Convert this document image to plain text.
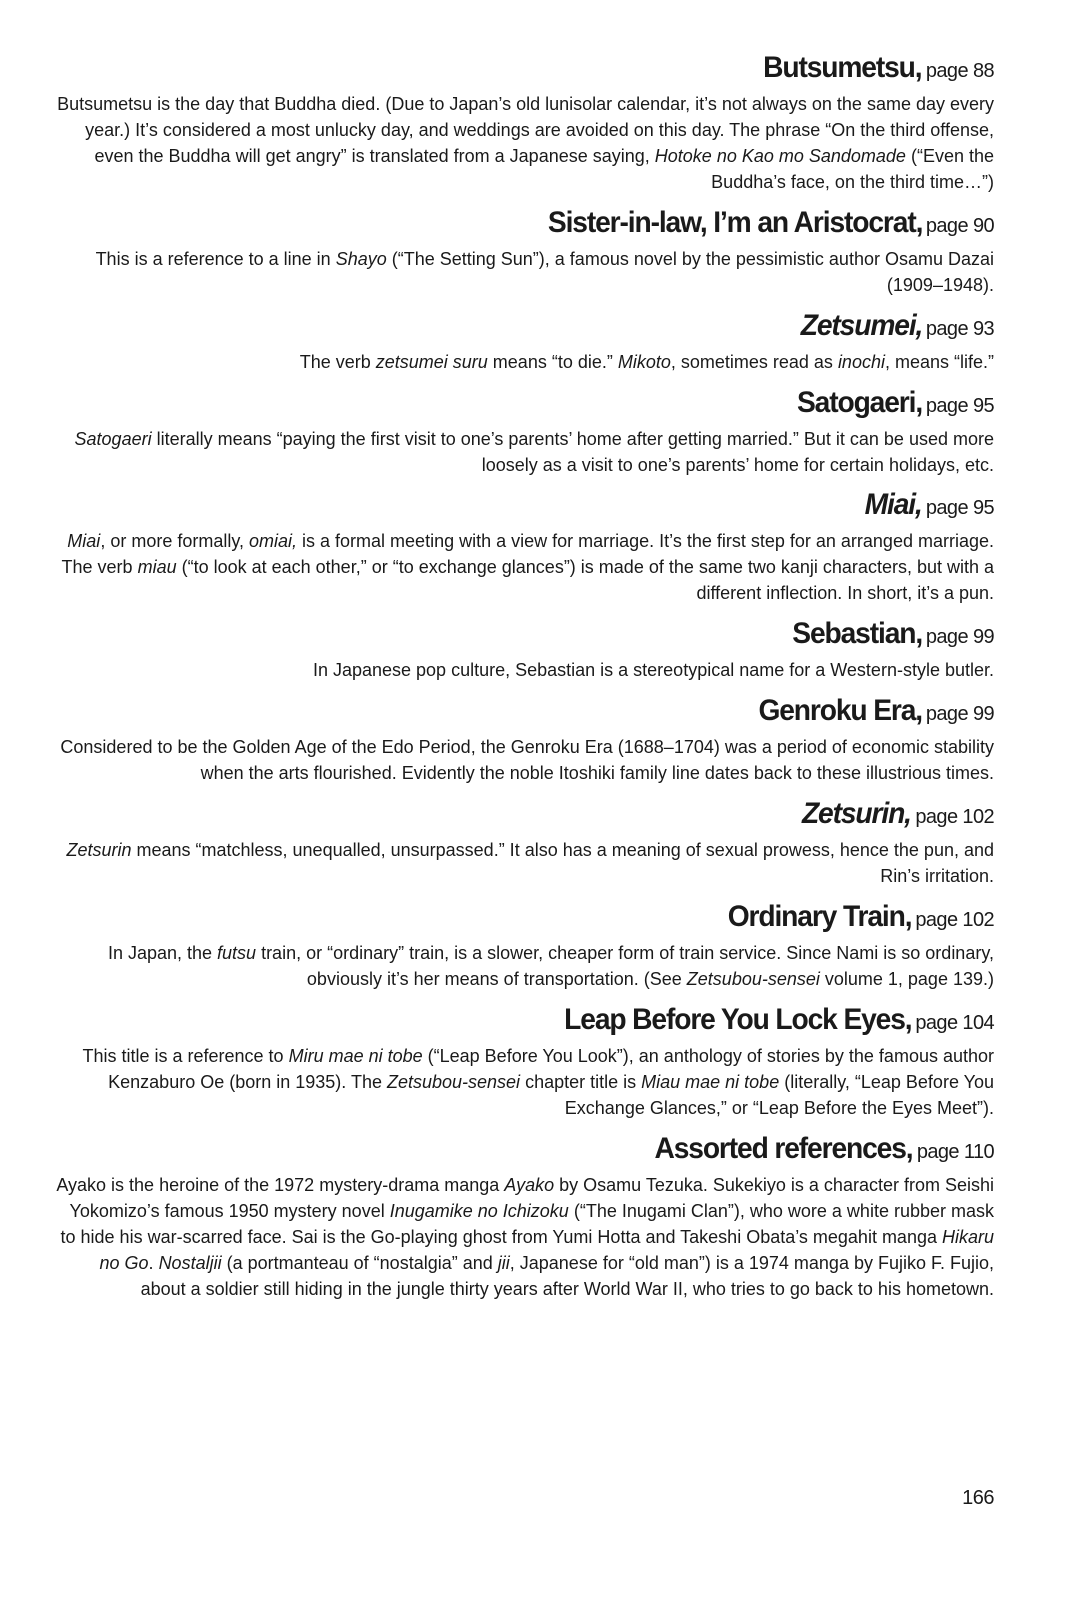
Butsumetsu, page 88

Butsumetsu is the day that Buddha died. (Due to Japan’s old lunisolar calendar, it’s not always on the same day every year.) It’s considered a most unlucky day, and weddings are avoided on this day. The phrase “On the third offense, even the Buddha will get angry” is translated from a Japanese saying, Hotoke no Kao mo Sandomade (“Even the Buddha’s face, on the third time…”)

Sister-in-law, I’m an Aristocrat, page 90

This is a reference to a line in Shayo (“The Setting Sun”), a famous novel by the pessimistic author Osamu Dazai (1909–1948).

Zetsumei, page 93

The verb zetsumei suru means “to die.” Mikoto, sometimes read as inochi, means “life.”

Satogaeri, page 95

Satogaeri literally means “paying the first visit to one’s parents’ home after getting married.” But it can be used more loosely as a visit to one’s parents’ home for certain holidays, etc.

Miai, page 95

Miai, or more formally, omiai, is a formal meeting with a view for marriage. It’s the first step for an arranged marriage. The verb miau (“to look at each other,” or “to exchange glances”) is made of the same two kanji characters, but with a different inflection. In short, it’s a pun.

Sebastian, page 99

In Japanese pop culture, Sebastian is a stereotypical name for a Western-style butler.

Genroku Era, page 99

Considered to be the Golden Age of the Edo Period, the Genroku Era (1688–1704) was a period of economic stability when the arts flourished. Evidently the noble Itoshiki family line dates back to these illustrious times.

Zetsurin, page 102

Zetsurin means “matchless, unequalled, unsurpassed.” It also has a meaning of sexual prowess, hence the pun, and Rin’s irritation.

Ordinary Train, page 102

In Japan, the futsu train, or “ordinary” train, is a slower, cheaper form of train service. Since Nami is so ordinary, obviously it’s her means of transportation. (See Zetsubou-sensei volume 1, page 139.)

Leap Before You Lock Eyes, page 104

This title is a reference to Miru mae ni tobe (“Leap Before You Look”), an anthology of stories by the famous author Kenzaburo Oe (born in 1935). The Zetsubou-sensei chapter title is Miau mae ni tobe (literally, “Leap Before You Exchange Glances,” or “Leap Before the Eyes Meet”).

Assorted references, page 110

Ayako is the heroine of the 1972 mystery-drama manga Ayako by Osamu Tezuka. Sukekiyo is a character from Seishi Yokomizo’s famous 1950 mystery novel Inugamike no Ichizoku (“The Inugami Clan”), who wore a white rubber mask to hide his war-scarred face. Sai is the Go-playing ghost from Yumi Hotta and Takeshi Obata’s megahit manga Hikaru no Go. Nostaljii (a portmanteau of “nostalgia” and jii, Japanese for “old man”) is a 1974 manga by Fujiko F. Fujio, about a soldier still hiding in the jungle thirty years after World War II, who tries to go back to his hometown.

166
